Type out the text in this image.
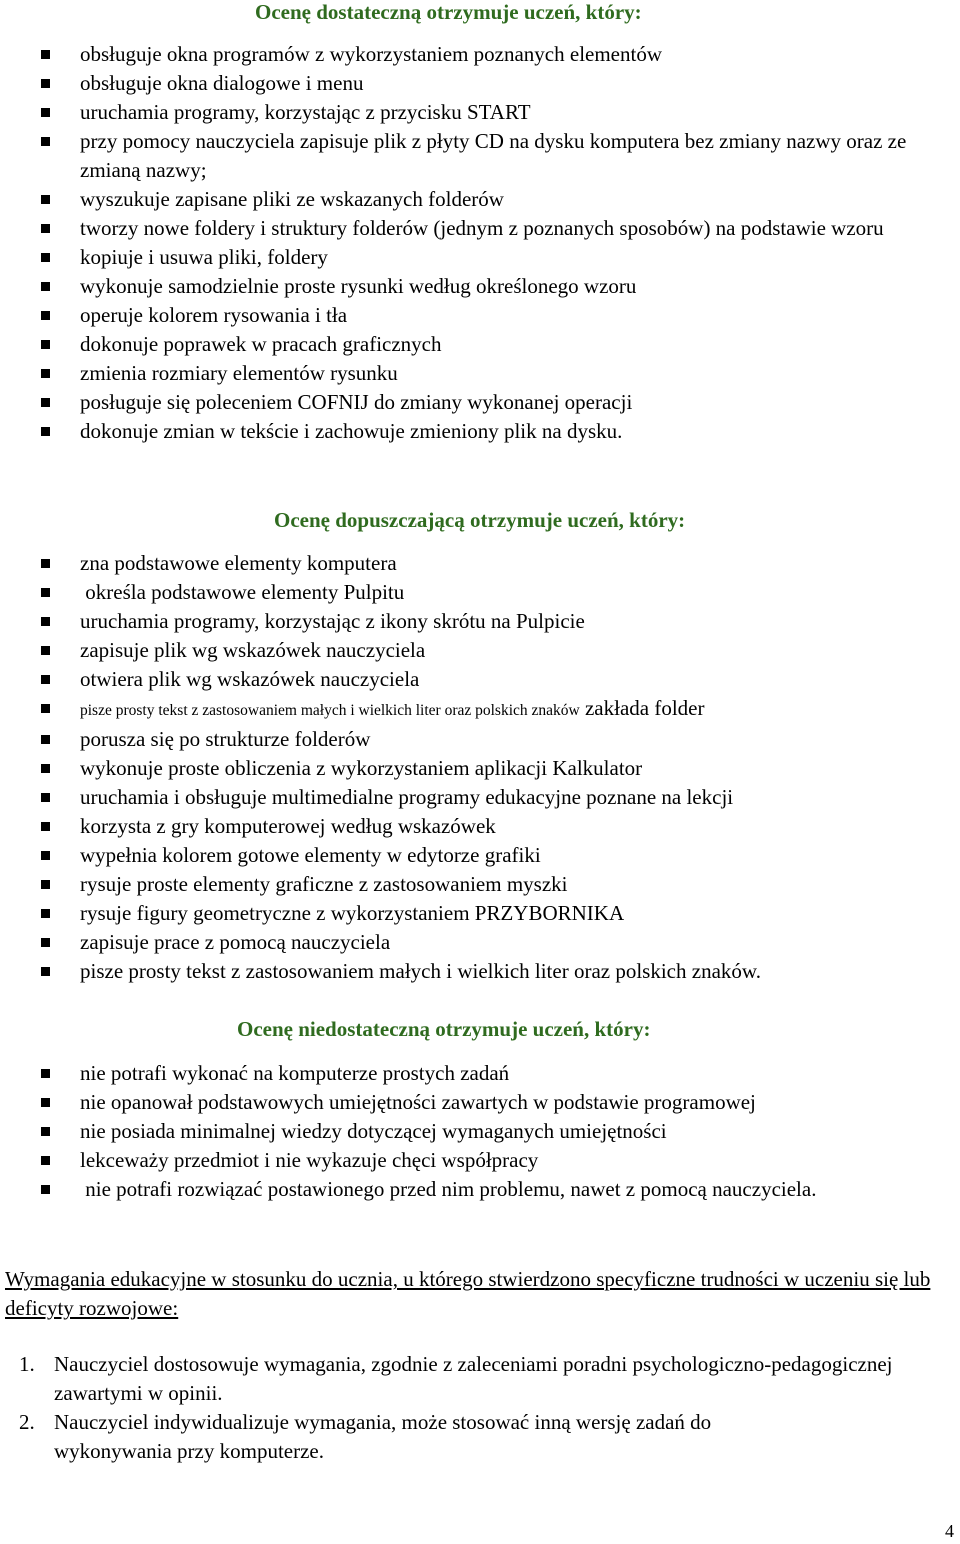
Ocenę dostateczną otrzymuje uczeń, który:
obsługuje okna programów z wykorzystaniem poznanych elementów
obsługuje okna dialogowe i menu
uruchamia programy, korzystając z przycisku START
przy pomocy nauczyciela zapisuje plik z płyty CD na dysku komputera bez zmiany nazwy oraz ze zmianą nazwy;
wyszukuje zapisane pliki ze wskazanych folderów
tworzy nowe foldery i struktury folderów (jednym z poznanych sposobów) na podstawie wzoru
kopiuje i usuwa pliki, foldery
wykonuje samodzielnie proste rysunki według określonego wzoru
operuje kolorem rysowania i tła
dokonuje poprawek w pracach graficznych
zmienia rozmiary elementów rysunku
posługuje się poleceniem COFNIJ do zmiany wykonanej operacji
dokonuje zmian w tekście i zachowuje zmieniony plik na dysku.
Ocenę dopuszczającą otrzymuje uczeń, który:
zna podstawowe elementy komputera
określa podstawowe elementy Pulpitu
uruchamia programy, korzystając z ikony skrótu na Pulpicie
zapisuje plik wg wskazówek nauczyciela
otwiera plik wg wskazówek nauczyciela
pisze prosty tekst z zastosowaniem małych i wielkich liter oraz polskich znaków zakłada folder
porusza się po strukturze folderów
wykonuje proste obliczenia z wykorzystaniem aplikacji Kalkulator
uruchamia i obsługuje multimedialne programy edukacyjne poznane na lekcji
korzysta z gry komputerowej według wskazówek
wypełnia kolorem gotowe elementy w edytorze grafiki
rysuje proste elementy graficzne z zastosowaniem myszki
rysuje figury geometryczne z wykorzystaniem PRZYBORNIKA
zapisuje prace z pomocą nauczyciela
pisze prosty tekst z zastosowaniem małych i wielkich liter oraz polskich znaków.
Ocenę niedostateczną otrzymuje uczeń, który:
nie potrafi wykonać na komputerze prostych zadań
nie opanował podstawowych umiejętności zawartych w podstawie programowej
nie posiada minimalnej wiedzy dotyczącej wymaganych umiejętności
lekceważy przedmiot i nie wykazuje chęci współpracy
nie potrafi rozwiązać postawionego przed nim problemu, nawet z pomocą nauczyciela.
Wymagania edukacyjne w stosunku do ucznia, u którego stwierdzono specyficzne trudności w uczeniu się lub deficyty rozwojowe:
1. Nauczyciel dostosowuje wymagania, zgodnie z zaleceniami poradni psychologiczno-pedagogicznej zawartymi w opinii.
2. Nauczyciel indywidualizuje wymagania, może stosować inną wersję zadań do wykonywania przy komputerze.
4
